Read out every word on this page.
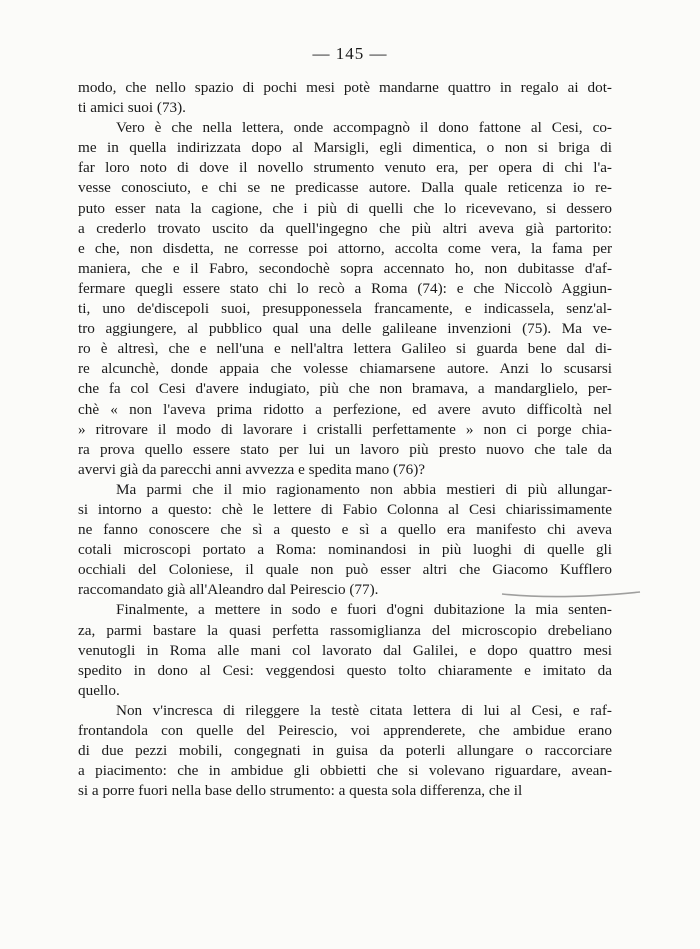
— 145 —
modo, che nello spazio di pochi mesi potè mandarne quattro in regalo ai dot-
ti amici suoi (73).
Vero è che nella lettera, onde accompagnò il dono fattone al Cesi, co-
me in quella indirizzata dopo al Marsigli, egli dimentica, o non si briga di
far loro noto di dove il novello strumento venuto era, per opera di chi l'a-
vesse conosciuto, e chi se ne predicasse autore. Dalla quale reticenza io re-
puto esser nata la cagione, che i più di quelli che lo ricevevano, si dessero
a crederlo trovato uscito da quell'ingegno che più altri aveva già partorito:
e che, non disdetta, ne corresse poi attorno, accolta come vera, la fama per
maniera, che e il Fabro, secondochè sopra accennato ho, non dubitasse d'af-
fermare quegli essere stato chi lo recò a Roma (74): e che Niccolò Aggiun-
ti, uno de'discepoli suoi, presupponessela francamente, e indicassela, senz'al-
tro aggiungere, al pubblico qual una delle galileane invenzioni (75). Ma ve-
ro è altresì, che e nell'una e nell'altra lettera Galileo si guarda bene dal di-
re alcunchè, donde appaia che volesse chiamarsene autore. Anzi lo scusarsi
che fa col Cesi d'avere indugiato, più che non bramava, a mandarglielo, per-
chè « non l'aveva prima ridotto a perfezione, ed avere avuto difficoltà nel
» ritrovare il modo di lavorare i cristalli perfettamente » non ci porge chia-
ra prova quello essere stato per lui un lavoro più presto nuovo che tale da
avervi già da parecchi anni avvezza e spedita mano (76)?
Ma parmi che il mio ragionamento non abbia mestieri di più allungar-
si intorno a questo: chè le lettere di Fabio Colonna al Cesi chiarissimamente
ne fanno conoscere che sì a questo e sì a quello era manifesto chi aveva
cotali microscopi portato a Roma: nominandosi in più luoghi di quelle gli
occhiali del Coloniese, il quale non può esser altri che Giacomo Kufflero
raccomandato già all'Aleandro dal Peirescio (77).
Finalmente, a mettere in sodo e fuori d'ogni dubitazione la mia senten-
za, parmi bastare la quasi perfetta rassomiglianza del microscopio drebeliano
venutogli in Roma alle mani col lavorato dal Galilei, e dopo quattro mesi
spedito in dono al Cesi: veggendosi questo tolto chiaramente e imitato da
quello.
Non v'incresca di rileggere la testè citata lettera di lui al Cesi, e raf-
frontandola con quelle del Peirescio, voi apprenderete, che ambidue erano
di due pezzi mobili, congegnati in guisa da poterli allungare o raccorciare
a piacimento: che in ambidue gli obbietti che si volevano riguardare, avean-
si a porre fuori nella base dello strumento: a questa sola differenza, che il
